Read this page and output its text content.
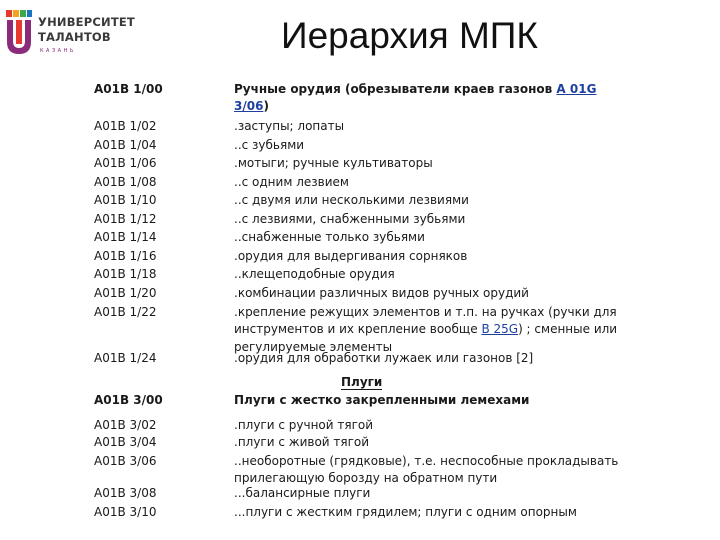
УНИВЕРСИТЕТ
ТАЛАНТОВ
КАЗАНЬ	Иерархия МПК
A01B 1/00	Ручные орудия (обрезыватели краев газонов A 01G 3/06)
A01B 1/02	.заступы; лопаты
A01B 1/04	..с зубьями
A01B 1/06	.мотыги; ручные культиваторы
A01B 1/08	..с одним лезвием
A01B 1/10	..с двумя или несколькими лезвиями
A01B 1/12	..с лезвиями, снабженными зубьями
A01B 1/14	..снабженные только зубьями
A01B 1/16	.орудия для выдергивания сорняков
A01B 1/18	..клещеподобные орудия
A01B 1/20	.комбинации различных видов ручных орудий
A01B 1/22	.крепление режущих элементов и т.п. на ручках (ручки для инструментов и их крепление вообще B 25G) ; сменные или регулируемые элементы
A01B 1/24	.орудия для обработки лужаек или газонов [2]
Плуги
A01B 3/00	Плуги с жестко закрепленными лемехами
A01B 3/02	.плуги с ручной тягой
A01B 3/04	.плуги с живой тягой
A01B 3/06	..необоротные (грядковые), т.е. неспособные прокладывать прилегающую борозду на обратном пути
A01B 3/08	...балансирные плуги
A01B 3/10	...плуги с жестким грядилем; плуги с одним опорным
